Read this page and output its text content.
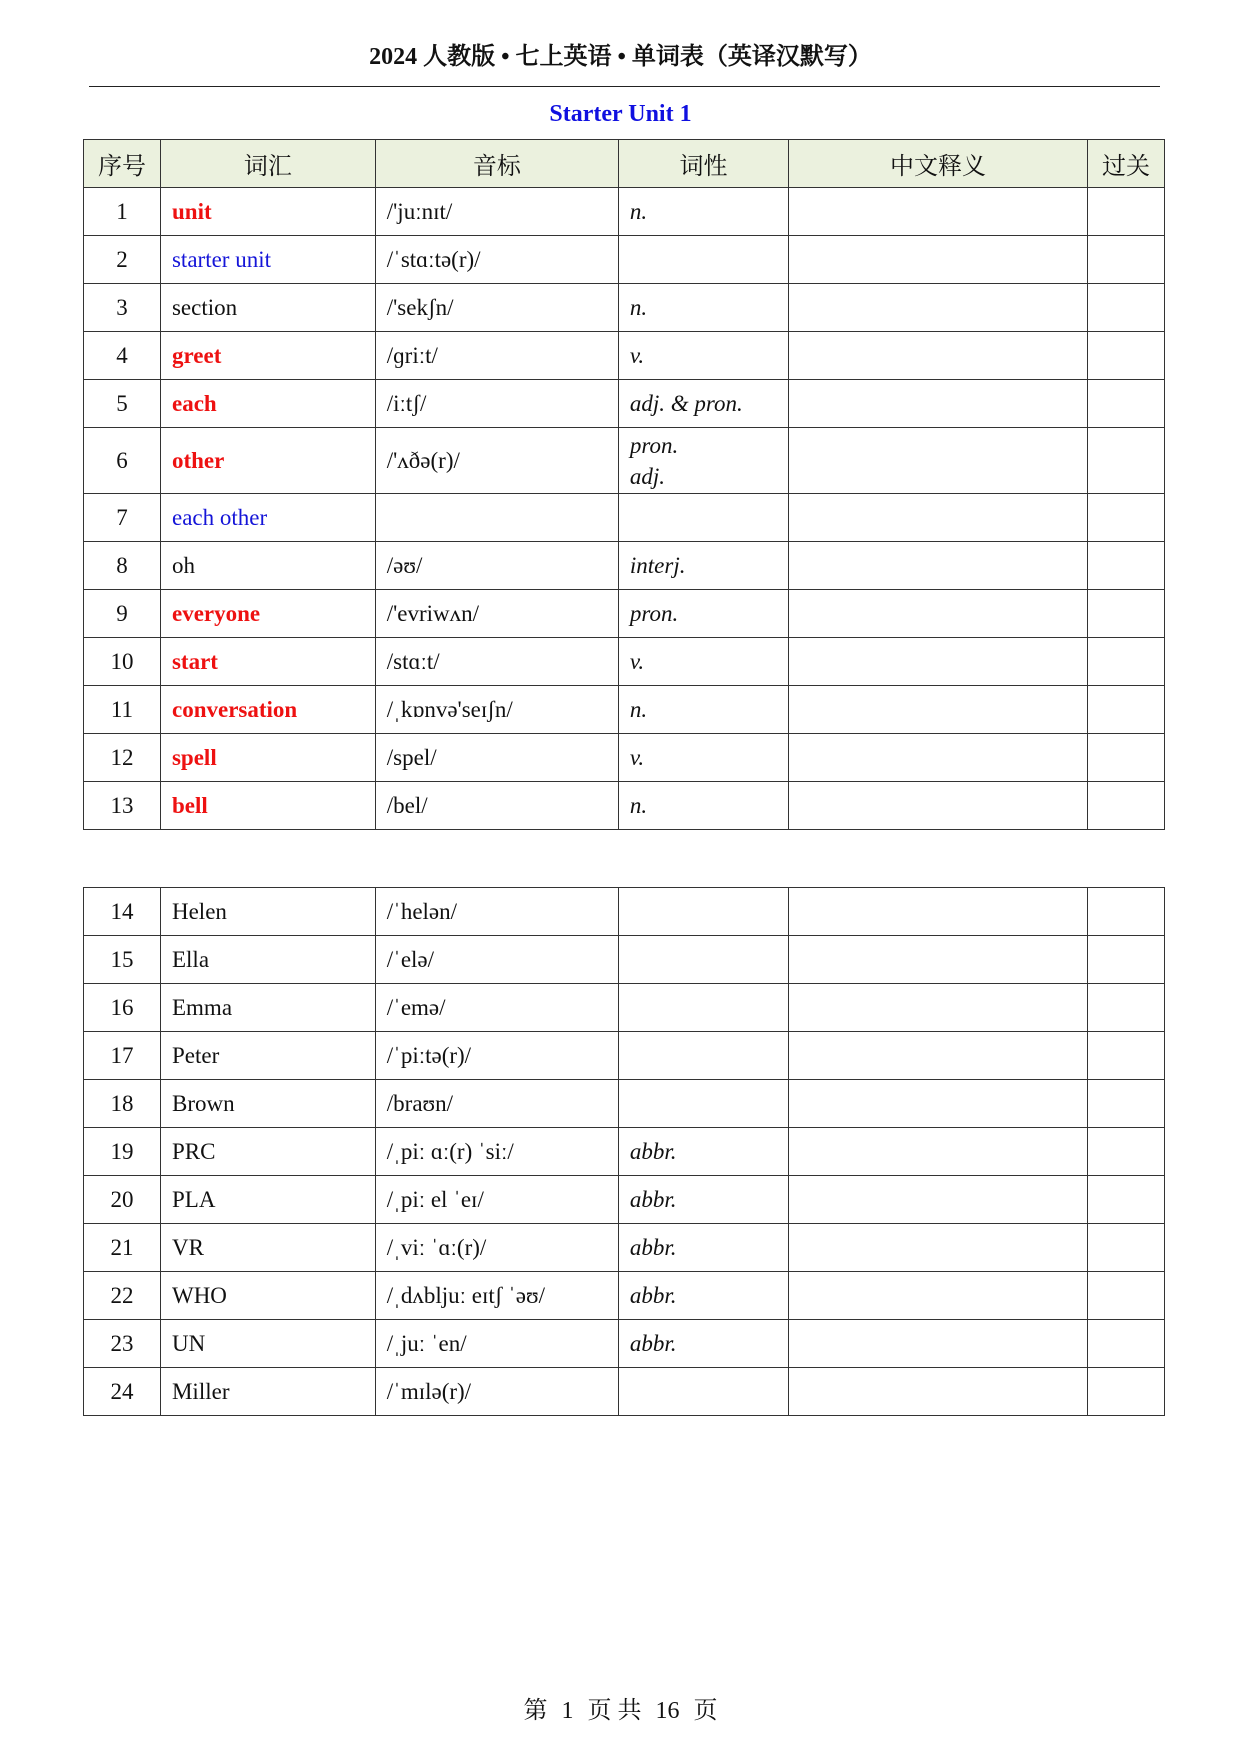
2024 人教版 • 七上英语 • 单词表（英译汉默写）
Starter Unit 1
序号	词汇	音标	词性	中文释义	过关
1	unit	/'juːnɪt/	n.		

2	starter unit	/ˈstɑːtə(r)/			
3	section	/'sekʃn/	n.		

4	greet	/ɡriːt/	v.		

5	each	/iːtʃ/	adj. & pron.		

6	other	/'ʌðə(r)/	pron.
adj.		

7	each other				
8	oh	/əʊ/	interj.		

9	everyone	/'evriwʌn/	pron.		

10	start	/stɑːt/	v.		

11	conversation	/ˌkɒnvə'seɪʃn/	n.		

12	spell	/spel/	v.		

13	bell	/bel/	n.		

14	Helen	/ˈhelən/			
15	Ella	/ˈelə/			
16	Emma	/ˈemə/			
17	Peter	/ˈpiːtə(r)/			
18	Brown	/braʊn/			
19	PRC	/ˌpiː ɑː(r) ˈsiː/	abbr.		

20	PLA	/ˌpiː el ˈeɪ/	abbr.		

21	VR	/ˌviː ˈɑː(r)/	abbr.		

22	WHO	/ˌdʌbljuː eɪtʃ ˈəʊ/	abbr.		

23	UN	/ˌjuː ˈen/	abbr.		

24	Miller	/ˈmɪlə(r)/			
第 1 页 共 16 页
